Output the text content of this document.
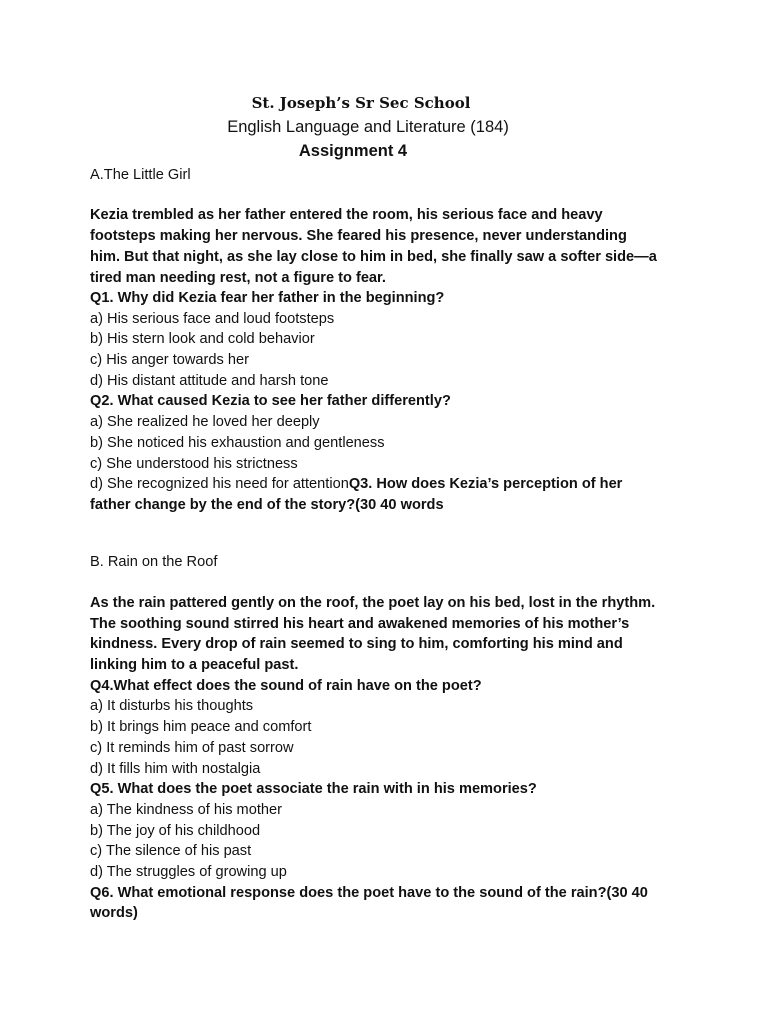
St. Joseph’s Sr Sec School
English Language and Literature (184)
Assignment 4
A.The Little Girl
Kezia trembled as her father entered the room, his serious face and heavy
footsteps making her nervous. She feared his presence, never understanding
him. But that night, as she lay close to him in bed, she finally saw a softer side—a
tired man needing rest, not a figure to fear.
Q1. Why did Kezia fear her father in the beginning?
a) His serious face and loud footsteps
b) His stern look and cold behavior
c) His anger towards her
d) His distant attitude and harsh tone
Q2. What caused Kezia to see her father differently?
a) She realized he loved her deeply
b) She noticed his exhaustion and gentleness
c) She understood his strictness
d) She recognized his need for attentionQ3. How does Kezia’s perception of her
father change by the end of the story?(30 40 words
B. Rain on the Roof
As the rain pattered gently on the roof, the poet lay on his bed, lost in the rhythm.
The soothing sound stirred his heart and awakened memories of his mother’s
kindness. Every drop of rain seemed to sing to him, comforting his mind and
linking him to a peaceful past.
Q4.What effect does the sound of rain have on the poet?
a) It disturbs his thoughts
b) It brings him peace and comfort
c) It reminds him of past sorrow
d) It fills him with nostalgia
Q5. What does the poet associate the rain with in his memories?
a) The kindness of his mother
b) The joy of his childhood
c) The silence of his past
d) The struggles of growing up
Q6. What emotional response does the poet have to the sound of the rain?(30 40
words)
